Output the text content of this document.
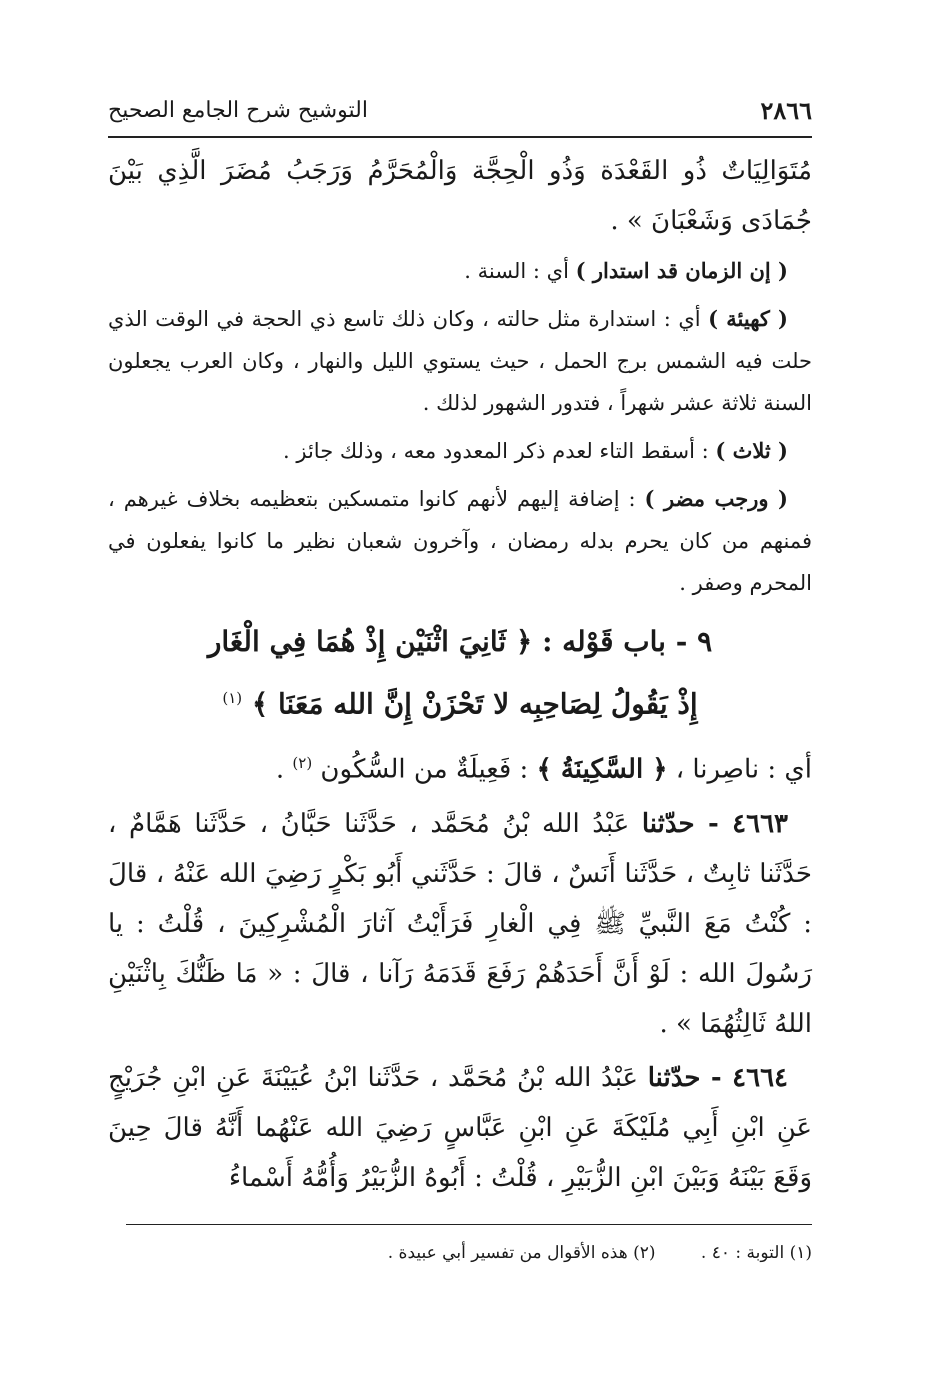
٢٨٦٦
التوشيح شرح الجامع الصحيح

مُتَوَالِيَاتٌ ذُو القَعْدَة وَذُو الْحِجَّة وَالْمُحَرَّمُ وَرَجَبُ مُضَرَ الَّذِي بَيْنَ جُمَادَى وَشَعْبَانَ » .

( إن الزمان قد استدار ) أي : السنة .

( كهيئة ) أي : استدارة مثل حالته ، وكان ذلك تاسع ذي الحجة في الوقت الذي حلت فيه الشمس برج الحمل ، حيث يستوي الليل والنهار ، وكان العرب يجعلون السنة ثلاثة عشر شهراً ، فتدور الشهور لذلك .

( ثلاث ) : أسقط التاء لعدم ذكر المعدود معه ، وذلك جائز .

( ورجب مضر ) : إضافة إليهم لأنهم كانوا متمسكين بتعظيمه بخلاف غيرهم ، فمنهم من كان يحرم بدله رمضان ، وآخرون شعبان نظير ما كانوا يفعلون في المحرم وصفر .

٩ - باب قَوْله : ﴿ ثَانِيَ اثْنَيْن إِذْ هُمَا فِي الْغَار
إِذْ يَقُولُ لِصَاحِبِه لا تَحْزَنْ إِنَّ الله مَعَنَا ﴾ $^{(١)}$

أي : ناصِرنا ، ﴿ السَّكِينَةُ ﴾ : فَعِيلَةٌ من السُّكُون $^{(٢)}$ .

٤٦٦٣ - حدّثنا عَبْدُ الله بْنُ مُحَمَّد ، حَدَّثَنا حَبَّانُ ، حَدَّثَنا هَمَّامٌ ، حَدَّثَنا ثابِتٌ ، حَدَّثَنا أَنَسٌ ، قالَ : حَدَّثَني أَبُو بَكْرٍ رَضِيَ الله عَنْهُ ، قالَ : كُنْتُ مَعَ النَّبيِّ ﷺ فِي الْغارِ فَرَأَيْتُ آثارَ الْمُشْرِكِينَ ، قُلْتُ : يا رَسُولَ الله : لَوْ أَنَّ أَحَدَهُمْ رَفَعَ قَدَمَهُ رَآنا ، قالَ : « مَا ظَنُّكَ بِاثْنَيْنِ اللهُ ثَالِثُهُمَا » .

٤٦٦٤ - حدّثنا عَبْدُ الله بْنُ مُحَمَّد ، حَدَّثَنا ابْنُ عُيَيْنَةَ عَنِ ابْنِ جُرَيْجٍ عَنِ ابْنِ أَبِي مُلَيْكَةَ عَنِ ابْنِ عَبَّاسٍ رَضِيَ الله عَنْهُما أَنَّهُ قالَ حِينَ وَقَعَ بَيْنَهُ وَبَيْنَ ابْنِ الزُّبَيْرِ ، قُلْتُ : أَبُوهُ الزُّبَيْرُ وَأُمُّهُ أَسْماءُ

(١) التوبة : ٤٠ . (٢) هذه الأقوال من تفسير أبي عبيدة .
